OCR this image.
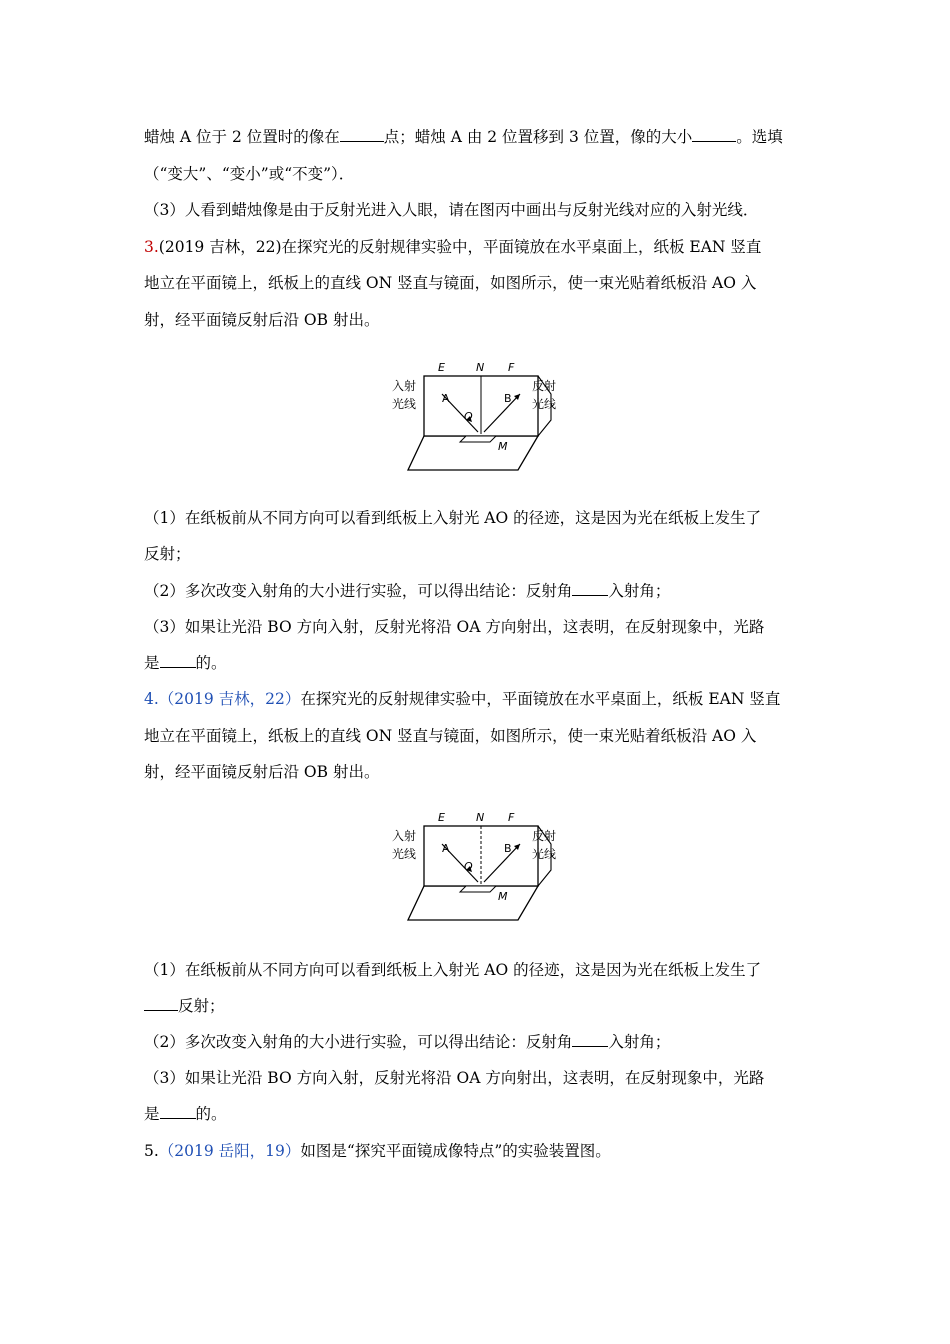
蜡烛 A 位于 2 位置时的像在	点；蜡烛 A 由 2 位置移到 3 位置，像的大小	。选填
（“变大”、“变小”或“不变”）．
（3）人看到蜡烛像是由于反射光进入人眼，请在图丙中画出与反射光线对应的入射光线．
3.(2019 吉林，22)在探究光的反射规律实验中，平面镜放在水平桌面上，纸板 EAN 竖直
地立在平面镜上，纸板上的直线 ON 竖直与镜面，如图所示，使一束光贴着纸板沿 AO 入
射，经平面镜反射后沿 OB 射出。
E	N F
A	B
O
M
入射
光线
反射
光线
（1）在纸板前从不同方向可以看到纸板上入射光 AO 的径迹，这是因为光在纸板上发生了
反射；
（2）多次改变入射角的大小进行实验，可以得出结论：反射角 入射角；
（3）如果让光沿 BO 方向入射，反射光将沿 OA 方向射出，这表明，在反射现象中，光路
是 的。
4.（2019 吉林，22）在探究光的反射规律实验中，平面镜放在水平桌面上，纸板 EAN 竖直
地立在平面镜上，纸板上的直线 ON 竖直与镜面，如图所示，使一束光贴着纸板沿 AO 入
射，经平面镜反射后沿 OB 射出。
E	N F
A	B
O
M
入射
光线
反射
光线
（1）在纸板前从不同方向可以看到纸板上入射光 AO 的径迹，这是因为光在纸板上发生了
反射；
（2）多次改变入射角的大小进行实验，可以得出结论：反射角 入射角；
（3）如果让光沿 BO 方向入射，反射光将沿 OA 方向射出，这表明，在反射现象中，光路
是 的。
5.（2019 岳阳，19）如图是“探究平面镜成像特点”的实验装置图。
